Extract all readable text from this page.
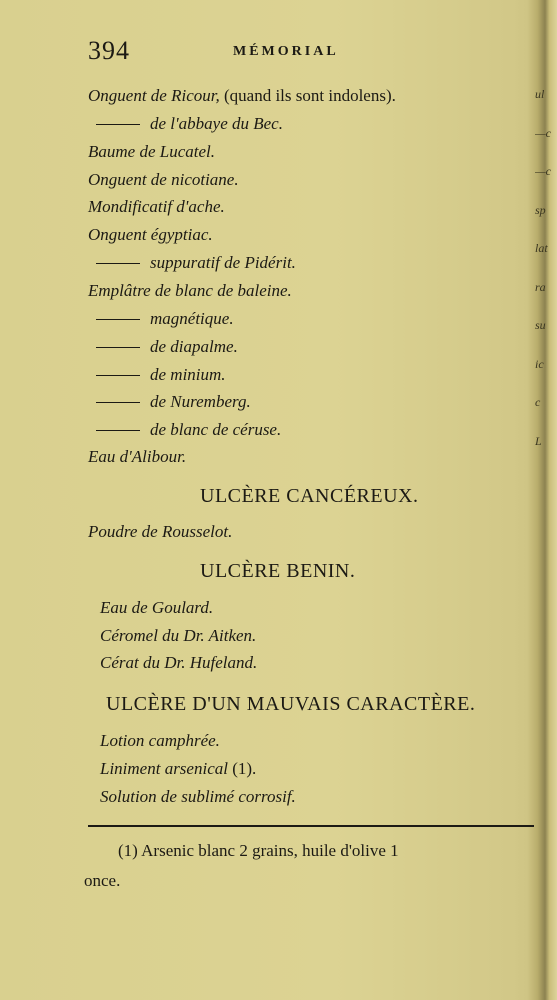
ul
—c
—c
sp
lat
ra
su
ic
c
L
394	MÉMORIAL
Onguent de Ricour, (quand ils sont indolens).
de l'abbaye du Bec.
Baume de Lucatel.
Onguent de nicotiane.
Mondificatif d'ache.
Onguent égyptiac.
suppuratif de Pidérit.
Emplâtre de blanc de baleine.
magnétique.
de diapalme.
de minium.
de Nuremberg.
de blanc de céruse.
Eau d'Alibour.
ULCÈRE CANCÉREUX.
Poudre de Rousselot.
ULCÈRE BENIN.
Eau de Goulard.
Céromel du Dr. Aitken.
Cérat du Dr. Hufeland.
ULCÈRE D'UN MAUVAIS CARACTÈRE.
Lotion camphrée.
Liniment arsenical (1).
Solution de sublimé corrosif.
(1) Arsenic blanc 2 grains, huile d'olive 1
once.
